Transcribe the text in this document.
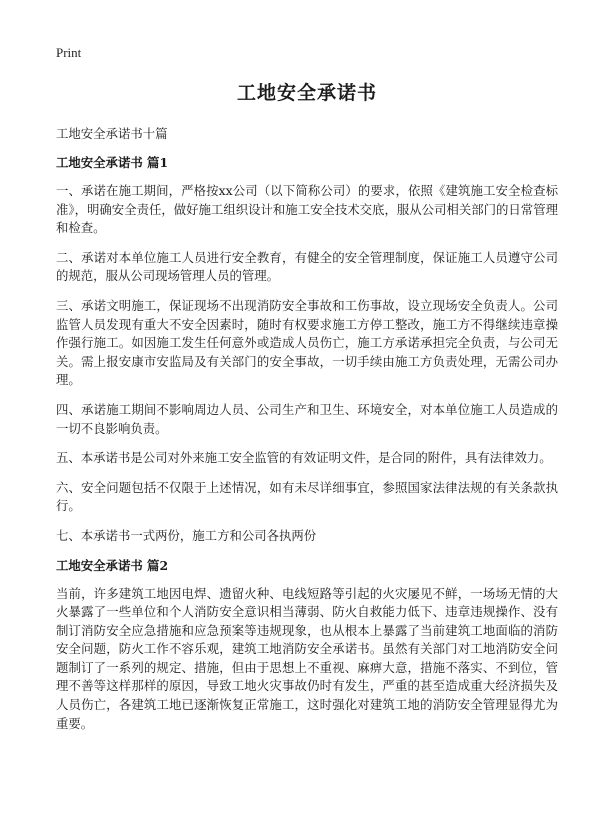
Print
工地安全承诺书

工地安全承诺书十篇

工地安全承诺书 篇1

一、承诺在施工期间，严格按xx公司（以下简称公司）的要求，依照《建筑施工安全检查标准》，明确安全责任，做好施工组织设计和施工安全技术交底，服从公司相关部门的日常管理和检查。

二、承诺对本单位施工人员进行安全教育，有健全的安全管理制度，保证施工人员遵守公司的规范，服从公司现场管理人员的管理。

三、承诺文明施工，保证现场不出现消防安全事故和工伤事故，设立现场安全负责人。公司监管人员发现有重大不安全因素时，随时有权要求施工方停工整改，施工方不得继续违章操作强行施工。如因施工发生任何意外或造成人员伤亡，施工方承诺承担完全负责，与公司无关。需上报安康市安监局及有关部门的安全事故，一切手续由施工方负责处理，无需公司办理。

四、承诺施工期间不影响周边人员、公司生产和卫生、环境安全，对本单位施工人员造成的一切不良影响负责。

五、本承诺书是公司对外来施工安全监管的有效证明文件，是合同的附件，具有法律效力。

六、安全问题包括不仅限于上述情况，如有未尽详细事宜，参照国家法律法规的有关条款执行。

七、本承诺书一式两份，施工方和公司各执两份

工地安全承诺书 篇2

当前，许多建筑工地因电焊、遗留火种、电线短路等引起的火灾屡见不鲜，一场场无情的大火暴露了一些单位和个人消防安全意识相当薄弱、防火自救能力低下、违章违规操作、没有制订消防安全应急措施和应急预案等违规现象，也从根本上暴露了当前建筑工地面临的消防安全问题，防火工作不容乐观，建筑工地消防安全承诺书。虽然有关部门对工地消防安全问题制订了一系列的规定、措施，但由于思想上不重视、麻痹大意，措施不落实、不到位，管理不善等这样那样的原因，导致工地火灾事故仍时有发生，严重的甚至造成重大经济损失及人员伤亡，各建筑工地已逐渐恢复正常施工，这时强化对建筑工地的消防安全管理显得尤为重要。
